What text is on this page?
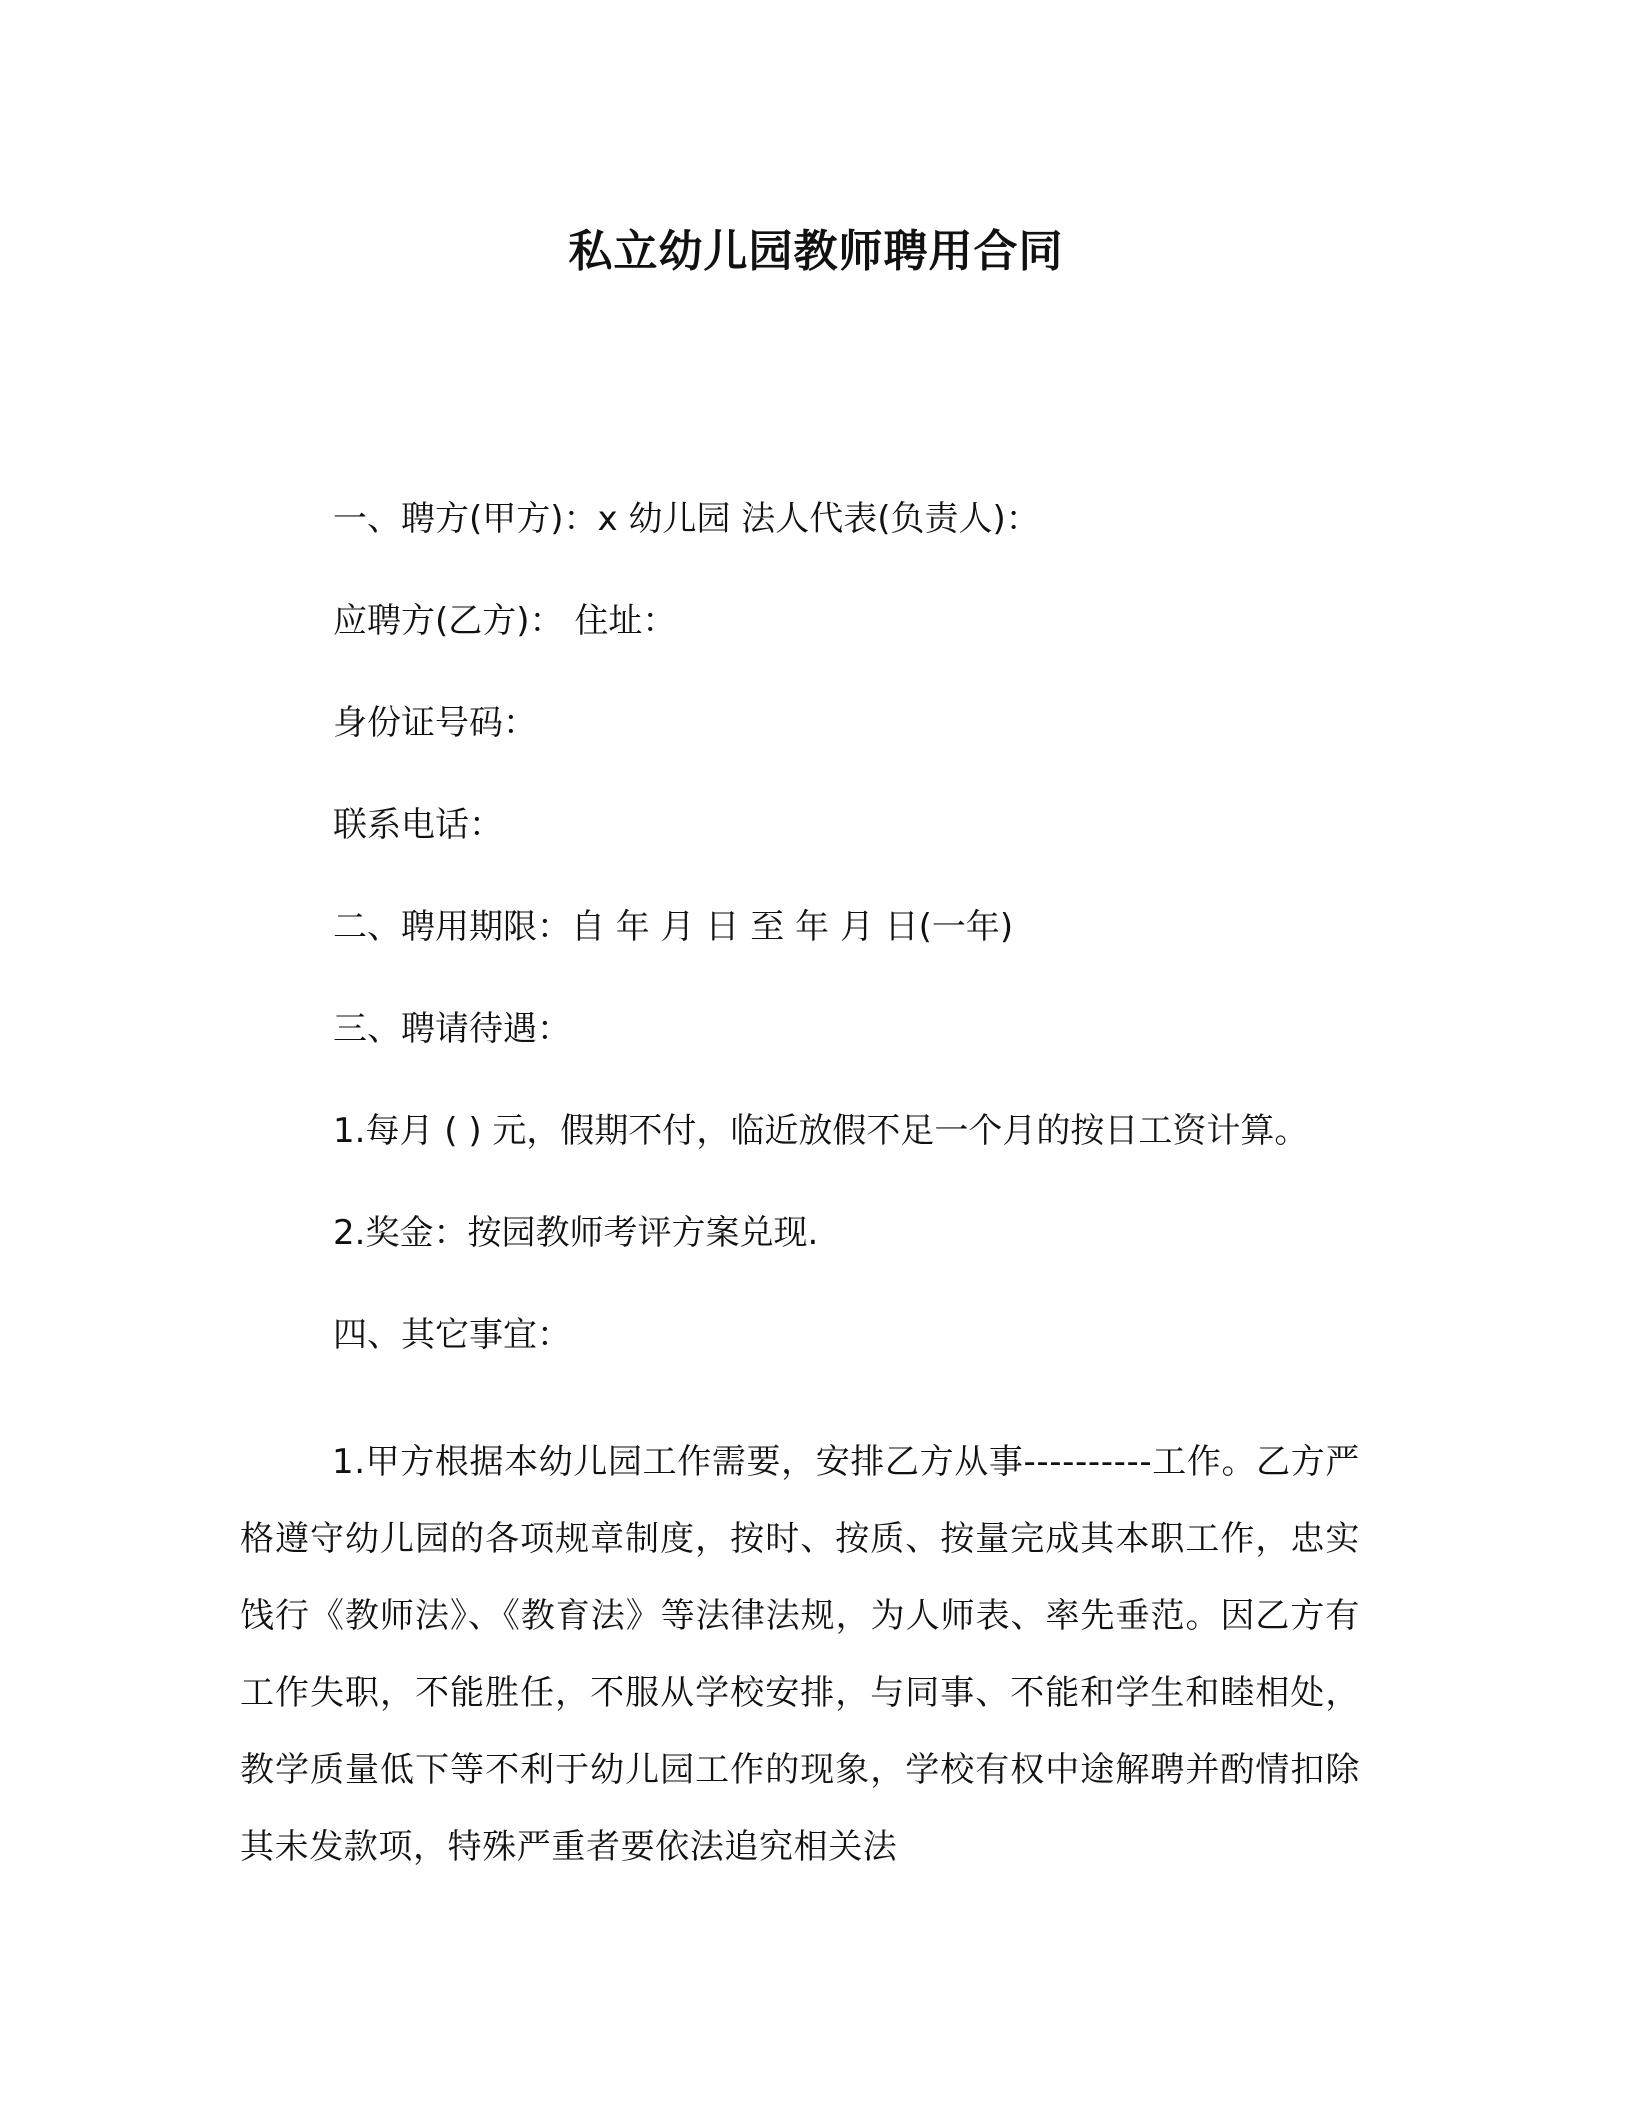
私立幼儿园教师聘用合同
一、聘方(甲方)：x 幼儿园 法人代表(负责人)：
应聘方(乙方)： 住址：
身份证号码：
联系电话：
二、聘用期限：自 年 月 日 至 年 月 日(一年)
三、聘请待遇：
1.每月 ( ) 元，假期不付，临近放假不足一个月的按日工资计算。
2.奖金：按园教师考评方案兑现.
四、其它事宜：
1.甲方根据本幼儿园工作需要，安排乙方从事----------工作。乙方严格遵守幼儿园的各项规章制度，按时、按质、按量完成其本职工作，忠实饯行《教师法》、《教育法》等法律法规，为人师表、率先垂范。因乙方有工作失职，不能胜任，不服从学校安排，与同事、不能和学生和睦相处，教学质量低下等不利于幼儿园工作的现象，学校有权中途解聘并酌情扣除其未发款项，特殊严重者要依法追究相关法
